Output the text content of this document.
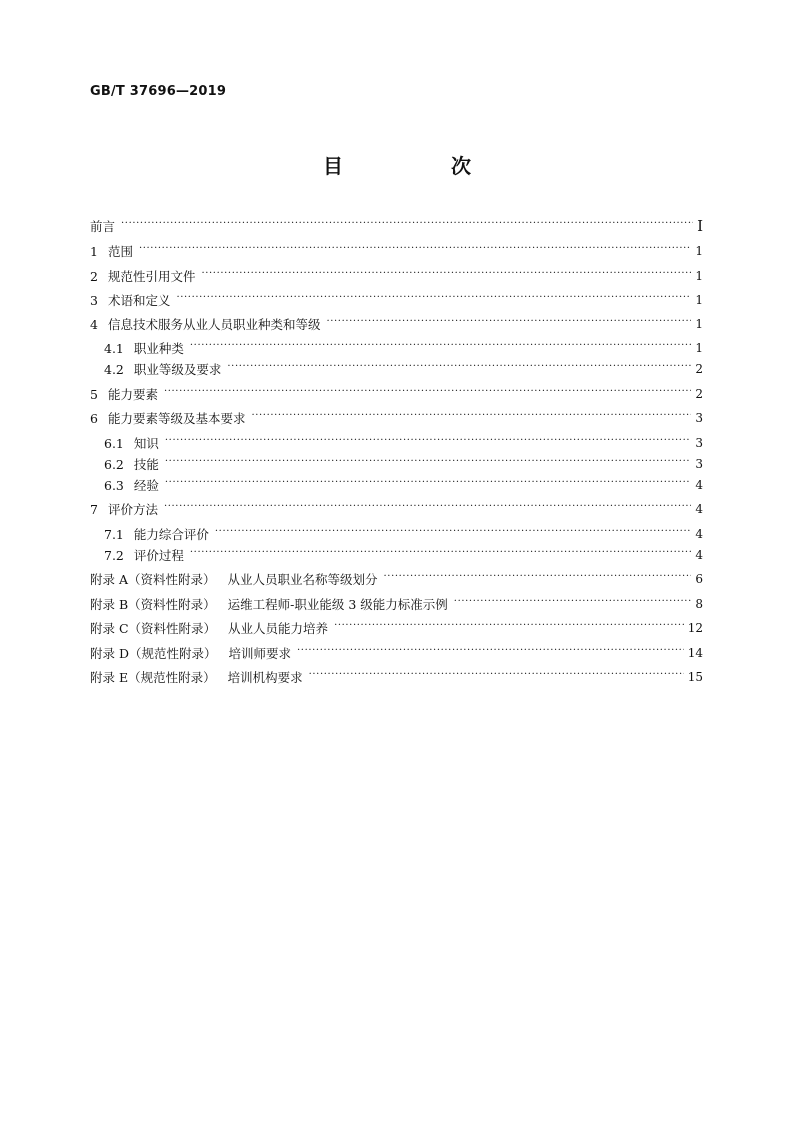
GB/T 37696—2019
目　次
前言 ·····	Ⅰ
1 范围 ·····	1
2 规范性引用文件 ·····	1
3 术语和定义 ·····	1
4 信息技术服务从业人员职业种类和等级 ·····	1
4.1 职业种类 ·····	1
4.2 职业等级及要求 ·····	2
5 能力要素 ·····	2
6 能力要素等级及基本要求 ·····	3
6.1 知识 ·····	3
6.2 技能 ·····	3
6.3 经验 ·····	4
7 评价方法 ·····	4
7.1 能力综合评价 ·····	4
7.2 评价过程 ·····	4
附录 A（资料性附录） 从业人员职业名称等级划分 ·····	6
附录 B（资料性附录） 运维工程师-职业能级 3 级能力标准示例 ·····	8
附录 C（资料性附录） 从业人员能力培养 ·····	12
附录 D（规范性附录） 培训师要求 ·····	14
附录 E（规范性附录） 培训机构要求 ·····	15
